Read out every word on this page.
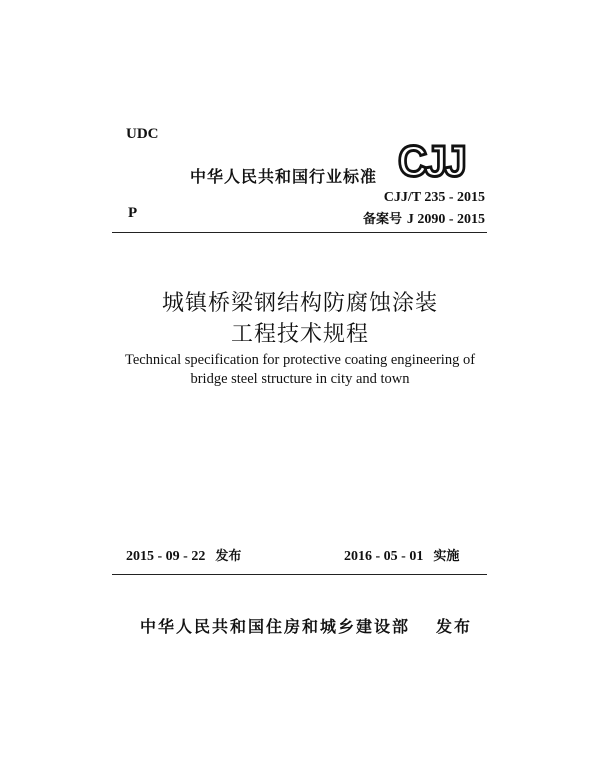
UDC
中华人民共和国行业标准 CJJ
CJJ/T 235 - 2015
P	备案号 J 2090 - 2015
城镇桥梁钢结构防腐蚀涂装
工程技术规程
Technical specification for protective coating engineering of
bridge steel structure in city and town
2015 - 09 - 22 发布	2016 - 05 - 01 实施
中华人民共和国住房和城乡建设部 发布
